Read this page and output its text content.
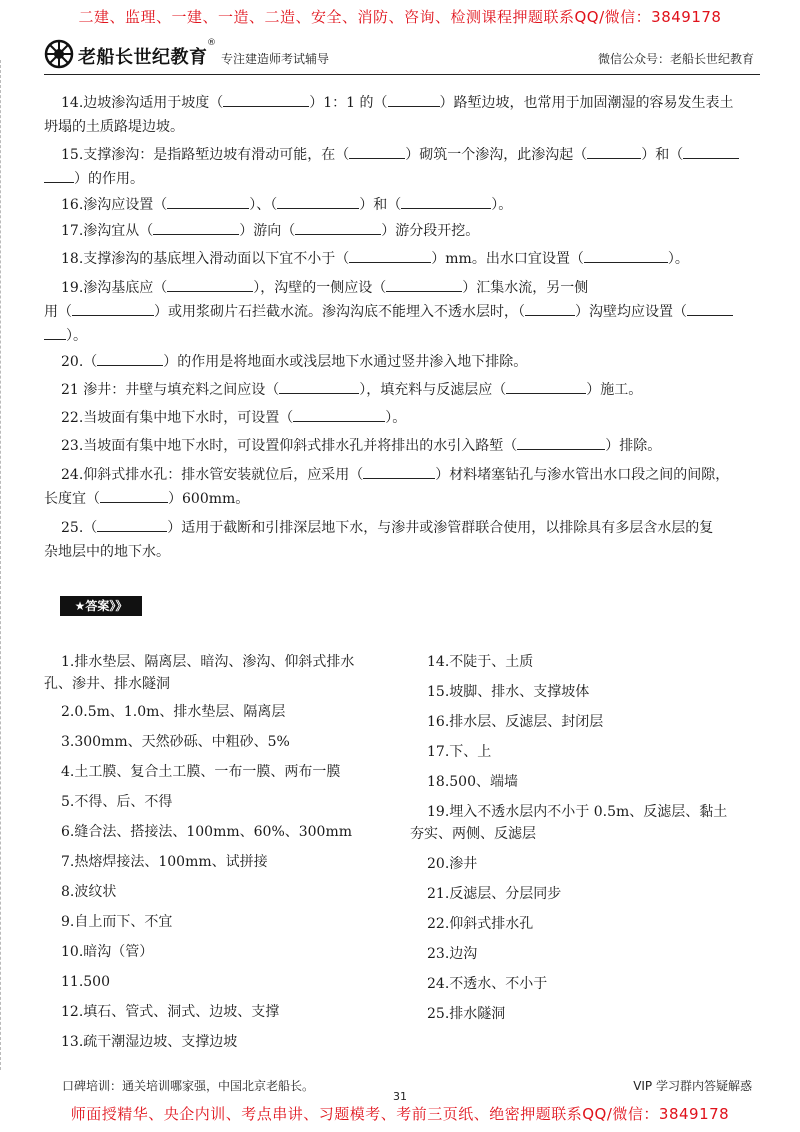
二建、监理、一建、一造、二造、安全、消防、咨询、检测课程押题联系QQ/微信：3849178
老船长世纪教育
®
专注建造师考试辅导	微信公众号：老船长世纪教育
14.边坡渗沟适用于坡度（	）1：1 的（	）路堑边坡，也常用于加固潮湿的容易发生表土
坍塌的土质路堤边坡。
15.支撑渗沟：是指路堑边坡有滑动可能，在（	）砌筑一个渗沟，此渗沟起（	）和（
）的作用。
16.渗沟应设置（	）、（	）和（	）。
17.渗沟宜从（	）游向（	）游分段开挖。
18.支撑渗沟的基底埋入滑动面以下宜不小于（	）mm。出水口宜设置（	）。
19.渗沟基底应（	），沟壁的一侧应设（	）汇集水流，另一侧
用（	）或用浆砌片石拦截水流。渗沟沟底不能埋入不透水层时，（	）沟壁均应设置（
）。
20.（	）的作用是将地面水或浅层地下水通过竖井渗入地下排除。
21 渗井：井壁与填充料之间应设（	），填充料与反滤层应（	）施工。
22.当坡面有集中地下水时，可设置（	）。
23.当坡面有集中地下水时，可设置仰斜式排水孔并将排出的水引入路堑（	）排除。
24.仰斜式排水孔：排水管安装就位后，应采用（	）材料堵塞钻孔与渗水管出水口段之间的间隙，
长度宜（	）600mm。
25.（	）适用于截断和引排深层地下水，与渗井或渗管群联合使用，以排除具有多层含水层的复
杂地层中的地下水。
★答案》》
1.排水垫层、隔离层、暗沟、渗沟、仰斜式排水
孔、渗井、排水隧洞
2.0.5m、1.0m、排水垫层、隔离层
3.300mm、天然砂砾、中粗砂、5%
4.土工膜、复合土工膜、一布一膜、两布一膜
5.不得、后、不得
6.缝合法、搭接法、100mm、60%、300mm
7.热熔焊接法、100mm、试拼接
8.波纹状
9.自上而下、不宜
10.暗沟（管）
11.500
12.填石、管式、洞式、边坡、支撑
13.疏干潮湿边坡、支撑边坡
14.不陡于、土质
15.坡脚、排水、支撑坡体
16.排水层、反滤层、封闭层
17.下、上
18.500、端墙
19.埋入不透水层内不小于 0.5m、反滤层、黏土
夯实、两侧、反滤层
20.渗井
21.反滤层、分层同步
22.仰斜式排水孔
23.边沟
24.不透水、不小于
25.排水隧洞
口碑培训：通关培训哪家强，中国北京老船长。	VIP 学习群内答疑解惑
31
师面授精华、央企内训、考点串讲、习题模考、考前三页纸、绝密押题联系QQ/微信：3849178
